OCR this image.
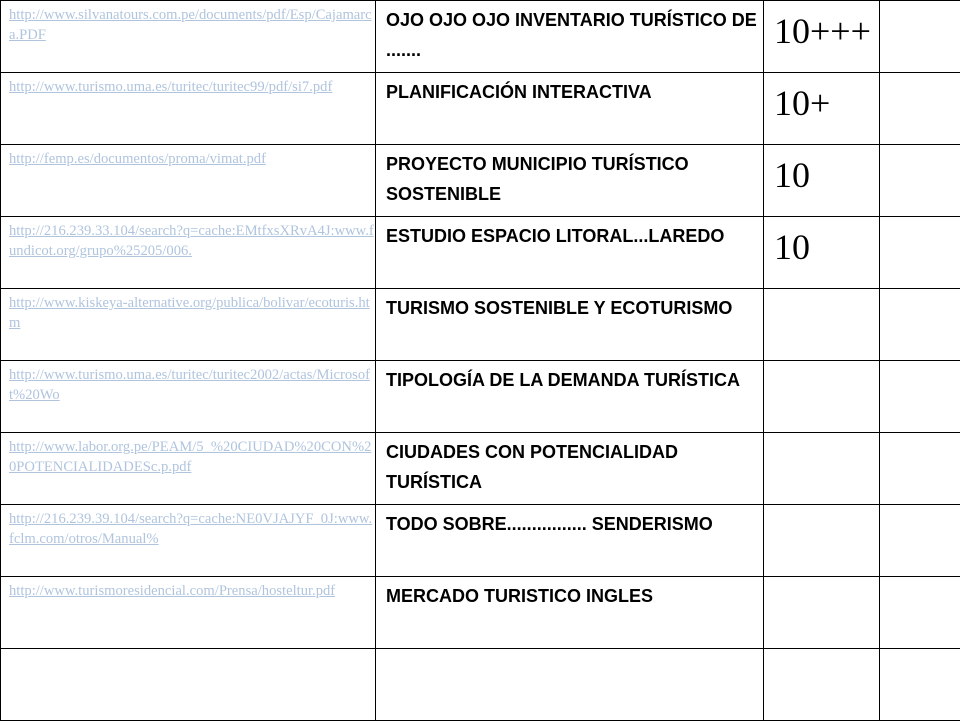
http://www.silvanatours.com.pe/documents/pdf/Esp/Cajamarca.PDF	OJO OJO OJO INVENTARIO TURÍSTICO DE .......	10+++	

http://www.turismo.uma.es/turitec/turitec99/pdf/si7.pdf	PLANIFICACIÓN INTERACTIVA	10+	

http://femp.es/documentos/proma/vimat.pdf	PROYECTO MUNICIPIO TURÍSTICO SOSTENIBLE	10	

http://216.239.33.104/search?q=cache:EMtfxsXRvA4J:www.fundicot.org/grupo%25205/006.	ESTUDIO ESPACIO LITORAL...LAREDO	10	

http://www.kiskeya-alternative.org/publica/bolivar/ecoturis.htm	TURISMO SOSTENIBLE Y ECOTURISMO		

http://www.turismo.uma.es/turitec/turitec2002/actas/Microsoft%20Wo	TIPOLOGÍA DE LA DEMANDA TURÍSTICA		

http://www.labor.org.pe/PEAM/5_%20CIUDAD%20CON%20POTENCIALIDADESc.p.pdf	CIUDADES CON POTENCIALIDAD TURÍSTICA		

http://216.239.39.104/search?q=cache:NE0VJAJYF_0J:www.fclm.com/otros/Manual%	TODO SOBRE................ SENDERISMO		

http://www.turismoresidencial.com/Prensa/hosteltur.pdf	MERCADO TURISTICO INGLES		
